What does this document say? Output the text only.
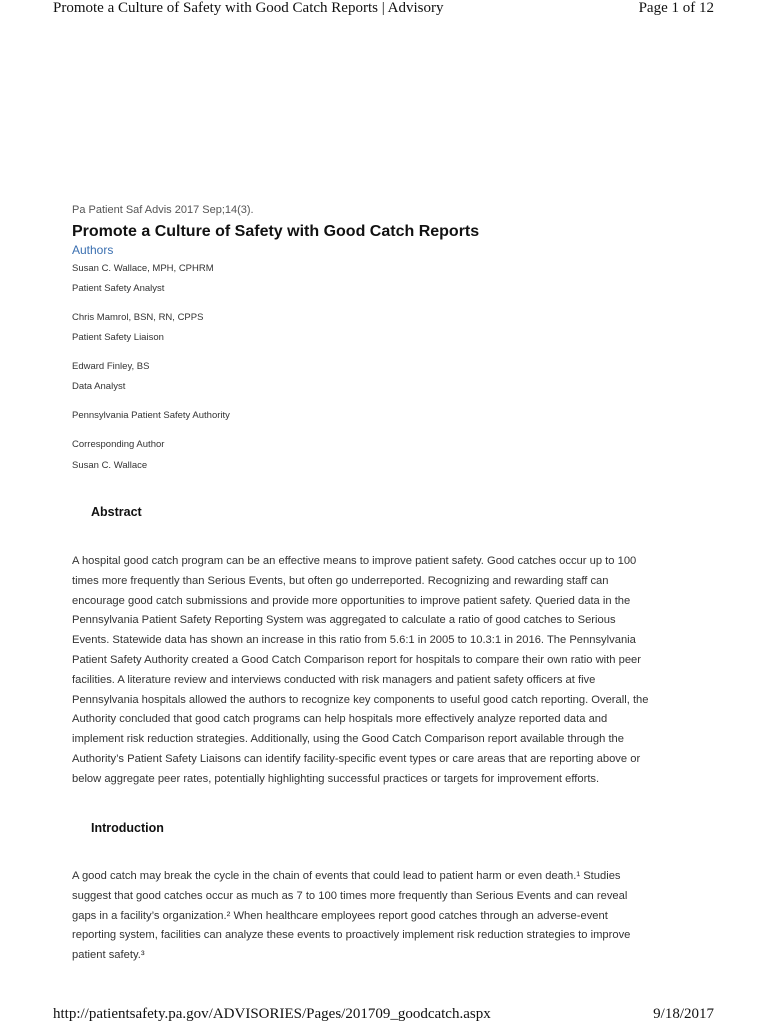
Promote a Culture of Safety with Good Catch Reports | Advisory	Page 1 of 12
Pa Patient Saf Advis 2017 Sep;14(3).
Promote a Culture of Safety with Good Catch Reports
Authors
Susan C. Wallace, MPH, CPHRM
Patient Safety Analyst
Chris Mamrol, BSN, RN, CPPS
Patient Safety Liaison
Edward Finley, BS
Data Analyst
Pennsylvania Patient Safety Authority
Corresponding Author
Susan C. Wallace
Abstract
A hospital good catch program can be an effective means to improve patient safety. Good catches occur up to 100
times more frequently than Serious Events, but often go underreported. Recognizing and rewarding staff can
encourage good catch submissions and provide more opportunities to improve patient safety. Queried data in the
Pennsylvania Patient Safety Reporting System was aggregated to calculate a ratio of good catches to Serious
Events. Statewide data has shown an increase in this ratio from 5.6:1 in 2005 to 10.3:1 in 2016. The Pennsylvania
Patient Safety Authority created a Good Catch Comparison report for hospitals to compare their own ratio with peer
facilities. A literature review and interviews conducted with risk managers and patient safety officers at five
Pennsylvania hospitals allowed the authors to recognize key components to useful good catch reporting. Overall, the
Authority concluded that good catch programs can help hospitals more effectively analyze reported data and
implement risk reduction strategies. Additionally, using the Good Catch Comparison report available through the
Authority’s Patient Safety Liaisons can identify facility-specific event types or care areas that are reporting above or
below aggregate peer rates, potentially highlighting successful practices or targets for improvement efforts.
Introduction
A good catch may break the cycle in the chain of events that could lead to patient harm or even death.¹ Studies
suggest that good catches occur as much as 7 to 100 times more frequently than Serious Events and can reveal
gaps in a facility’s organization.² When healthcare employees report good catches through an adverse-event
reporting system, facilities can analyze these events to proactively implement risk reduction strategies to improve
patient safety.³
http://patientsafety.pa.gov/ADVISORIES/Pages/201709_goodcatch.aspx	9/18/2017
